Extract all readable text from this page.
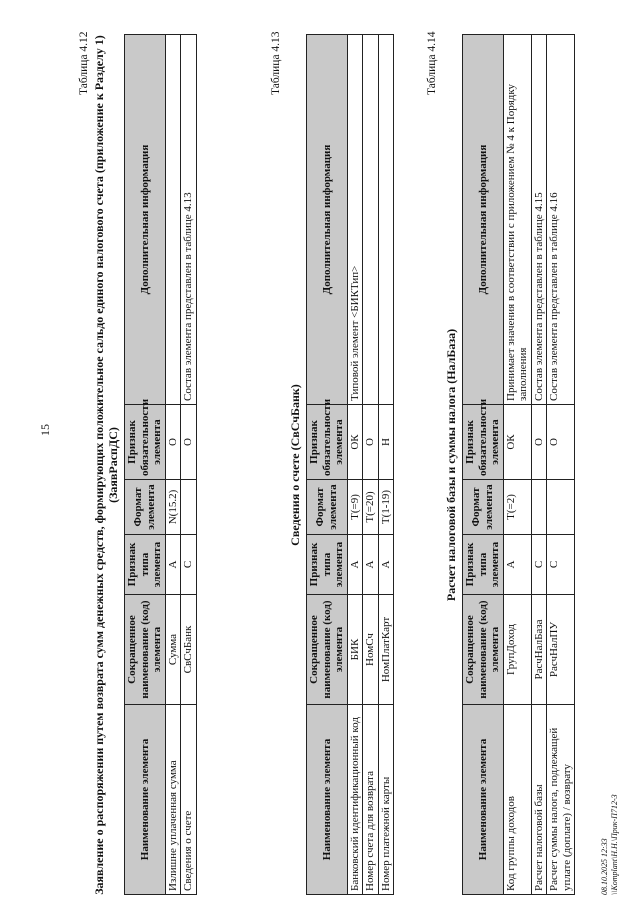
15
Таблица 4.12 Заявление о распоряжении путем возврата сумм денежных средств, формирующих положительное сальдо единого налогового счета (приложение к Разделу 1) (ЗаявРаспДС)
Наименование элемента	Сокращенное наименование (код) элемента	Признак типа элемента	Формат элемента	Признак обязательности элемента	Дополнительная информация
Излишне уплаченная сумма	Сумма	А	N(15.2)	О	
Сведения о счете	СвСчБанк	С		О	Состав элемента представлен в таблице 4.13
Таблица 4.13
Сведения о счете (СвСчБанк)
Наименование элемента	Сокращенное наименование (код) элемента	Признак типа элемента	Формат элемента	Признак обязательности элемента	Дополнительная информация
Банковский идентификационный код	БИК	А	T(=9)	ОК	Типовой элемент <БИКТип>
Номер счета для возврата	НомСч	А	T(=20)	О	
Номер платежной карты	НомПлатКарт	А	T(1-19)	Н	
Таблица 4.14
Расчет налоговой базы и суммы налога (НалБаза)
Наименование элемента	Сокращенное наименование (код) элемента	Признак типа элемента	Формат элемента	Признак обязательности элемента	Дополнительная информация
Код группы доходов	ГрупДоход	А	T(=2)	ОК	Принимает значения в соответствии с приложением № 4 к Порядку заполнения
Расчет налоговой базы	РасчНалБаза	С		О	Состав элемента представлен в таблице 4.15
Расчет суммы налога, подлежащей уплате (доплате) / возврату	РасчНалПУ	С		О	Состав элемента представлен в таблице 4.16
08.10.2025 12:33 \\Komplant\Н.Н.\Прик-П712-3
